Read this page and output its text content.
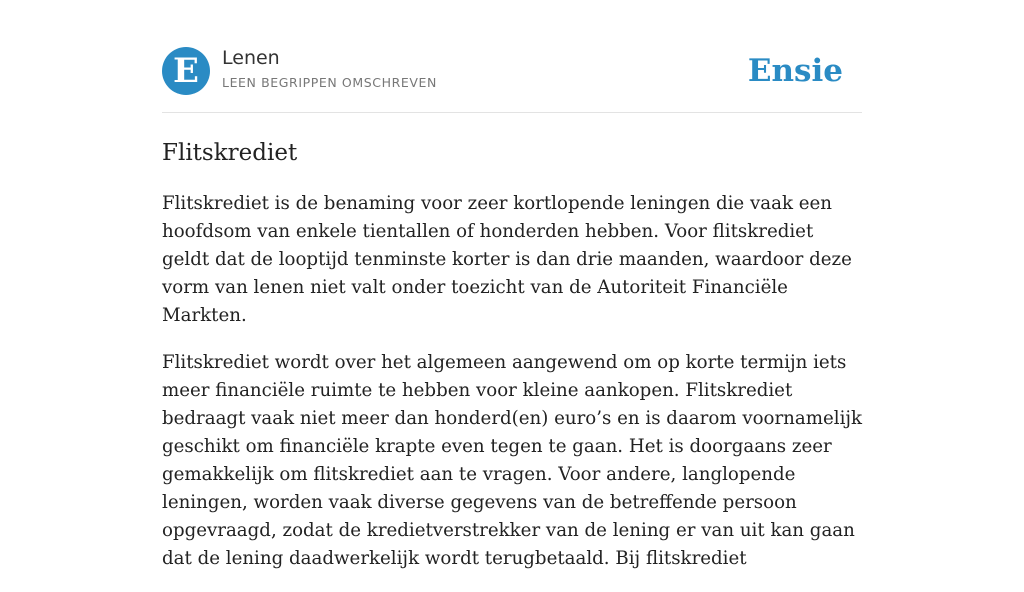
E	Lenen
LEEN BEGRIPPEN OMSCHREVEN	Ensie
Flitskrediet

Flitskrediet is de benaming voor zeer kortlopende leningen die vaak een hoofdsom van enkele tientallen of honderden hebben. Voor flitskrediet geldt dat de looptijd tenminste korter is dan drie maanden, waardoor deze vorm van lenen niet valt onder toezicht van de Autoriteit Financiële Markten.

Flitskrediet wordt over het algemeen aangewend om op korte termijn iets meer financiële ruimte te hebben voor kleine aankopen. Flitskrediet bedraagt vaak niet meer dan honderd(en) euro’s en is daarom voornamelijk geschikt om financiële krapte even tegen te gaan. Het is doorgaans zeer gemakkelijk om flitskrediet aan te vragen. Voor andere, langlopende leningen, worden vaak diverse gegevens van de betreffende persoon opgevraagd, zodat de kredietverstrekker van de lening er van uit kan gaan dat de lening daadwerkelijk wordt terugbetaald. Bij flitskrediet
